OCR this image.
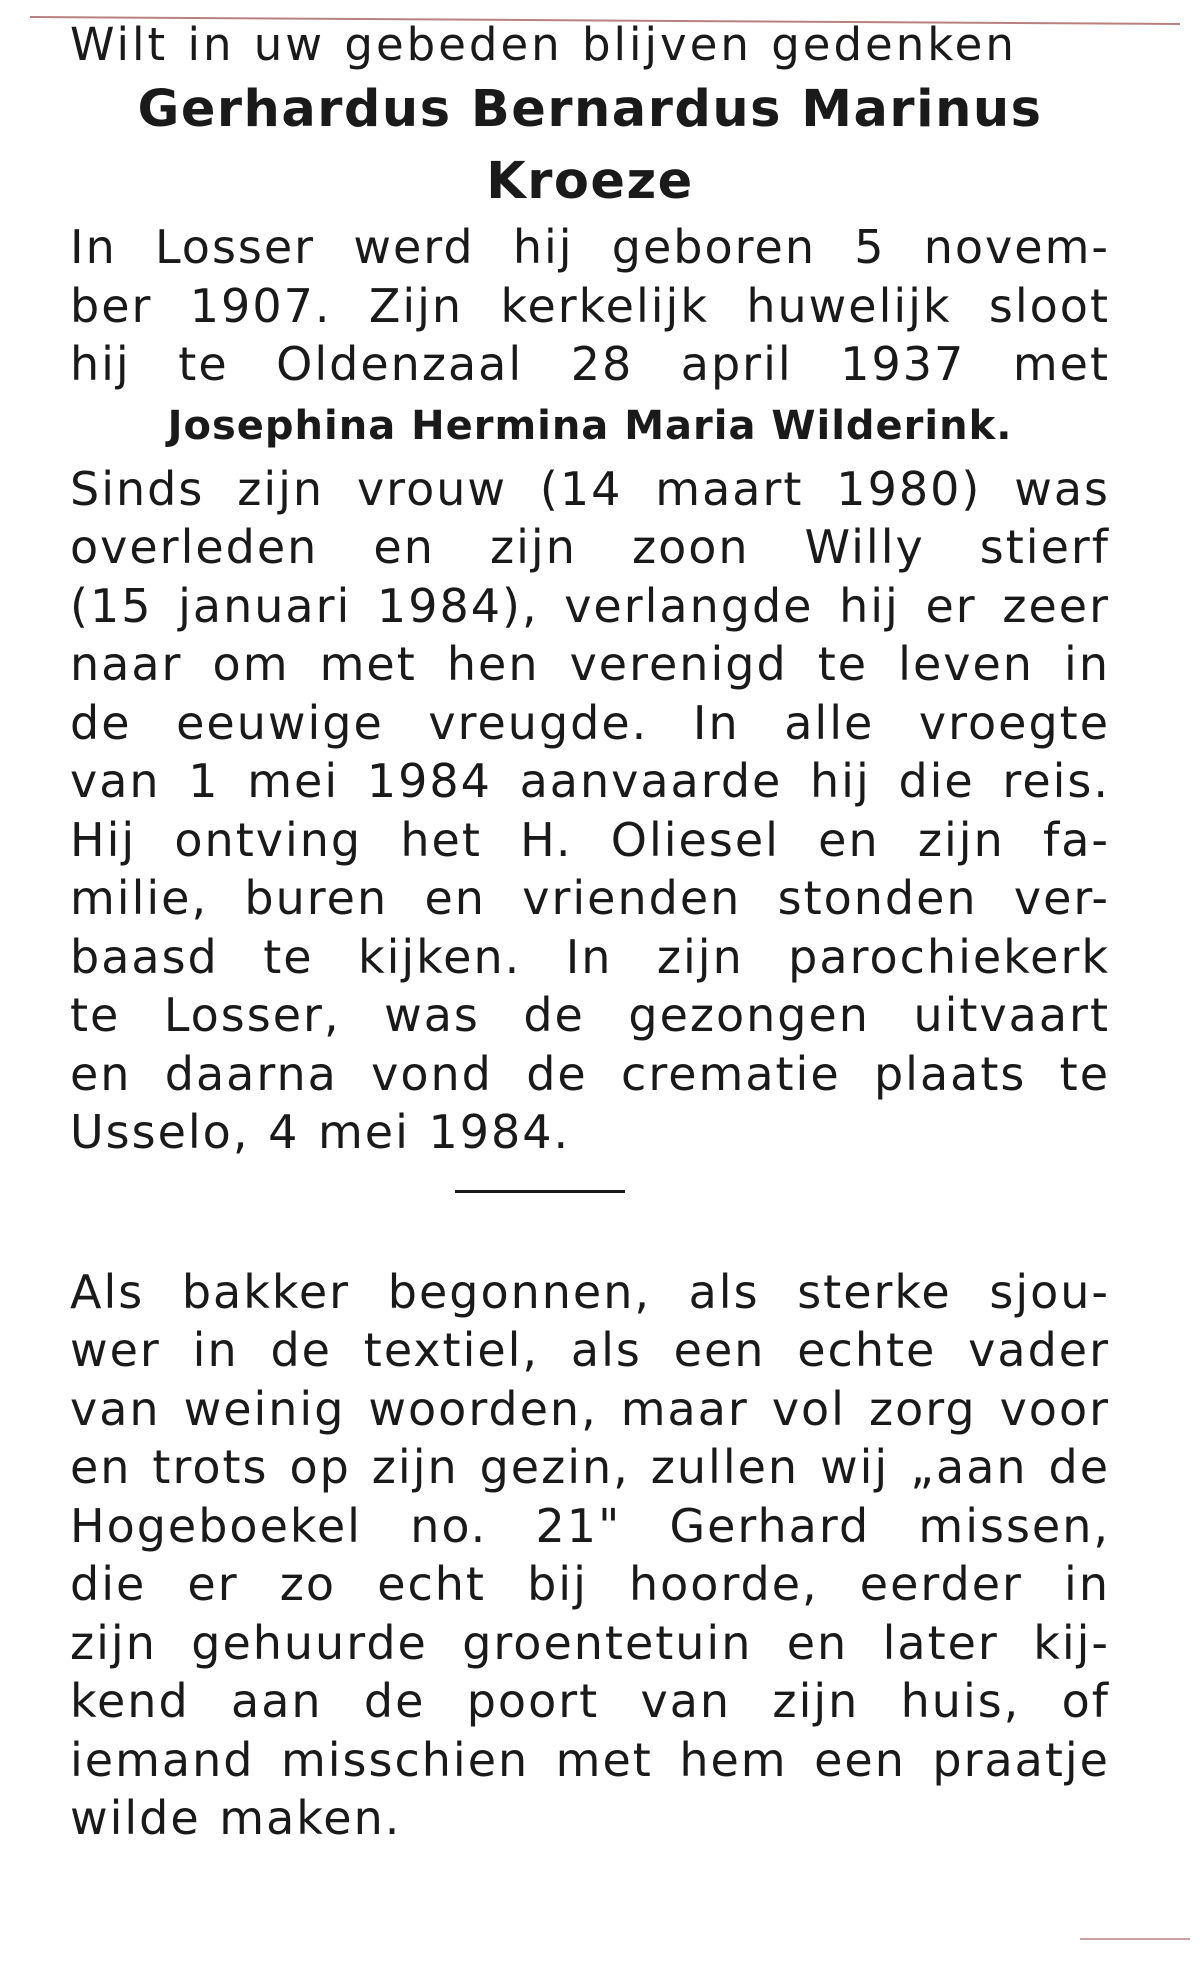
Wilt in uw gebeden blijven gedenken
Gerhardus Bernardus Marinus
Kroeze
In Losser werd hij geboren 5 novem-
ber 1907. Zijn kerkelijk huwelijk sloot
hij te Oldenzaal 28 april 1937 met
Josephina Hermina Maria Wilderink.
Sinds zijn vrouw (14 maart 1980) was
overleden en zijn zoon Willy stierf
(15 januari 1984), verlangde hij er zeer
naar om met hen verenigd te leven in
de eeuwige vreugde. In alle vroegte
van 1 mei 1984 aanvaarde hij die reis.
Hij ontving het H. Oliesel en zijn fa-
milie, buren en vrienden stonden ver-
baasd te kijken. In zijn parochiekerk
te Losser, was de gezongen uitvaart
en daarna vond de crematie plaats te
Usselo, 4 mei 1984.
Als bakker begonnen, als sterke sjou-
wer in de textiel, als een echte vader
van weinig woorden, maar vol zorg voor
en trots op zijn gezin, zullen wij „aan de
Hogeboekel no. 21" Gerhard missen,
die er zo echt bij hoorde, eerder in
zijn gehuurde groentetuin en later kij-
kend aan de poort van zijn huis, of
iemand misschien met hem een praatje
wilde maken.
